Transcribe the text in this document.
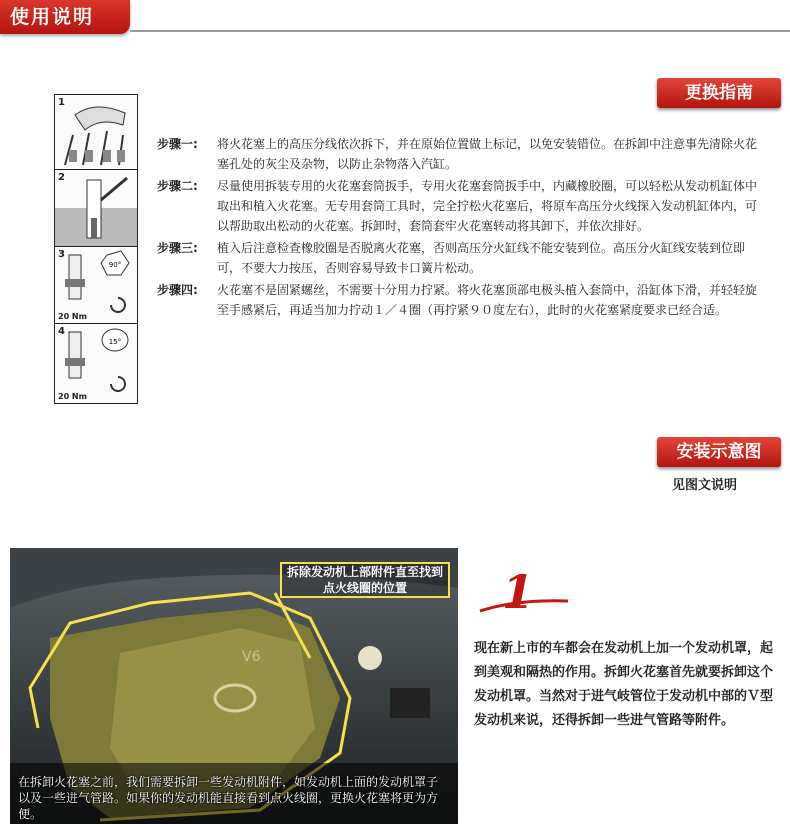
使用说明
更换指南
1
2
3
90°
20 Nm
4
15°
20 Nm
步骤一:	将火花塞上的高压分线依次拆下，并在原始位置做上标记，以免安装错位。在拆卸中注意事先清除火花塞孔处的灰尘及杂物，以防止杂物落入汽缸。
步骤二:	尽量使用拆装专用的火花塞套筒扳手，专用火花塞套筒扳手中，内藏橡胶圈，可以轻松从发动机缸体中取出和植入火花塞。无专用套筒工具时，完全拧松火花塞后，将原车高压分火线探入发动机缸体内，可以帮助取出松动的火花塞。拆卸时，套筒套牢火花塞转动将其卸下，并依次排好。
步骤三:	植入后注意检查橡胶圈是否脱离火花塞，否则高压分火缸线不能安装到位。高压分火缸线安装到位即可，不要大力按压，否则容易导致卡口簧片松动。
步骤四:	火花塞不是固紧螺丝，不需要十分用力拧紧。将火花塞顶部电极头植入套筒中，沿缸体下滑，并轻轻旋至手感紧后，再适当加力拧动１／４圈（再拧紧９０度左右），此时的火花塞紧度要求已经合适。
安装示意图
见图文说明
V6
拆除发动机上部附件直至找到点火线圈的位置
在拆卸火花塞之前，我们需要拆卸一些发动机附件，如发动机上面的发动机罩子以及一些进气管路。如果你的发动机能直接看到点火线圈，更换火花塞将更为方便。
1
现在新上市的车都会在发动机上加一个发动机罩，起到美观和隔热的作用。拆卸火花塞首先就要拆卸这个发动机罩。当然对于进气岐管位于发动机中部的Ｖ型发动机来说，还得拆卸一些进气管路等附件。
